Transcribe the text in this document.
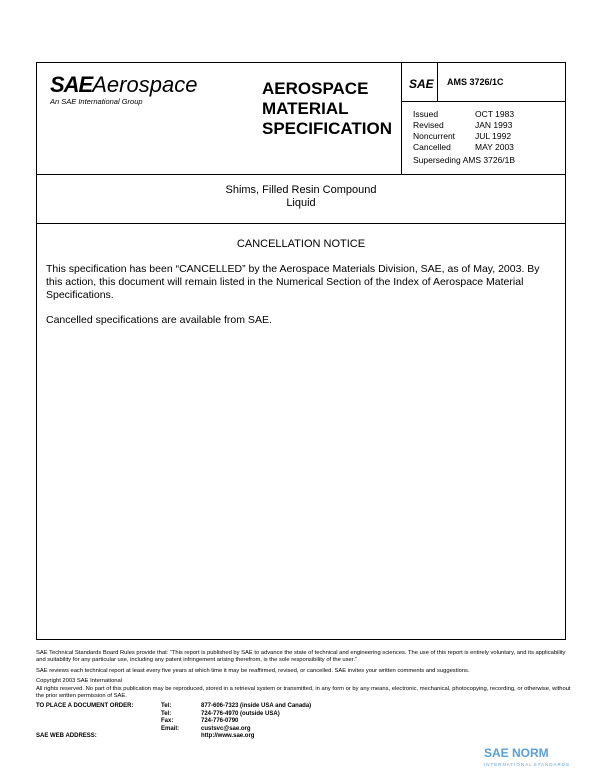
SAEAerospace
An SAE International Group
AEROSPACE
MATERIAL
SPECIFICATION
SAE AMS 3726/1C
Issued	OCT 1983
Revised	JAN 1993
Noncurrent	JUL 1992
Cancelled	MAY 2003
Superseding AMS 3726/1B
Shims, Filled Resin Compound
Liquid
CANCELLATION NOTICE

This specification has been “CANCELLED” by the Aerospace Materials Division, SAE, as of May, 2003. By this action, this document will remain listed in the Numerical Section of the Index of Aerospace Material Specifications.

Cancelled specifications are available from SAE.

SAE Technical Standards Board Rules provide that: “This report is published by SAE to advance the state of technical and engineering sciences. The use of this report is entirely voluntary, and its applicability and suitability for any particular use, including any patent infringement arising therefrom, is the sole responsibility of the user.”

SAE reviews each technical report at least every five years at which time it may be reaffirmed, revised, or cancelled. SAE invites your written comments and suggestions.

Copyright 2003 SAE International

All rights reserved. No part of this publication may be reproduced, stored in a retrieval system or transmitted, in any form or by any means, electronic, mechanical, photocopying, recording, or otherwise, without the prior written permission of SAE.

TO PLACE A DOCUMENT ORDER:	Tel:	877-606-7323 (inside USA and Canada)
Tel:	724-776-4970 (outside USA)
Fax:	724-776-0790
Email:	custsvc@sae.org
SAE WEB ADDRESS:	http://www.sae.org
SAE NORM
INTERNATIONAL STANDARDS
